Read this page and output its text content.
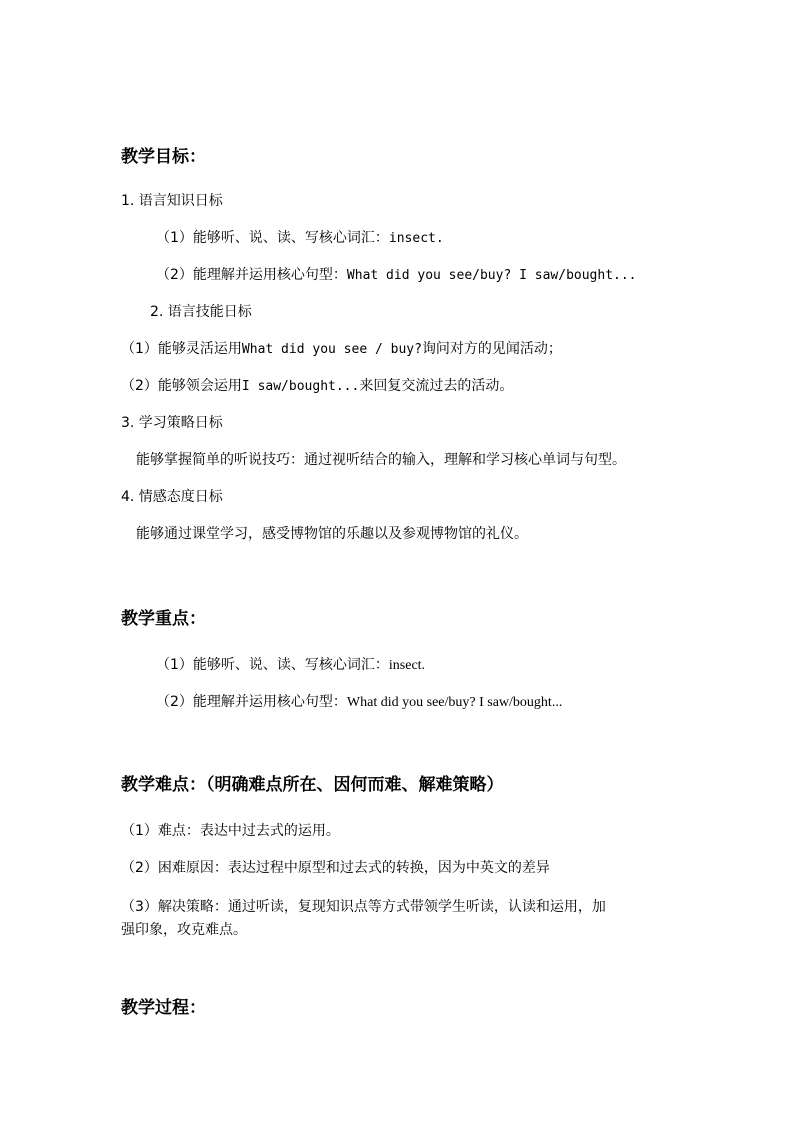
教学目标：
1. 语言知识日标
（1）能够听、说、读、写核心词汇：insect.
（2）能理解并运用核心句型：What did you see/buy? I saw/bought...
2. 语言技能日标
（1）能够灵活运用What did you see / buy?询问对方的见闻活动；
（2）能够领会运用I saw/bought...来回复交流过去的活动。
3. 学习策略日标
能够掌握简单的听说技巧：通过视听结合的输入，理解和学习核心单词与句型。
4. 情感态度日标
能够通过课堂学习，感受博物馆的乐趣以及参观博物馆的礼仪。
教学重点：
（1）能够听、说、读、写核心词汇：insect.
（2）能理解并运用核心句型：What did you see/buy? I saw/bought...
教学难点：（明确难点所在、因何而难、解难策略）
（1）难点：表达中过去式的运用。
（2）困难原因：表达过程中原型和过去式的转换，因为中英文的差异
（3）解决策略：通过听读，复现知识点等方式带领学生听读，认读和运用，加
强印象，攻克难点。
教学过程：
